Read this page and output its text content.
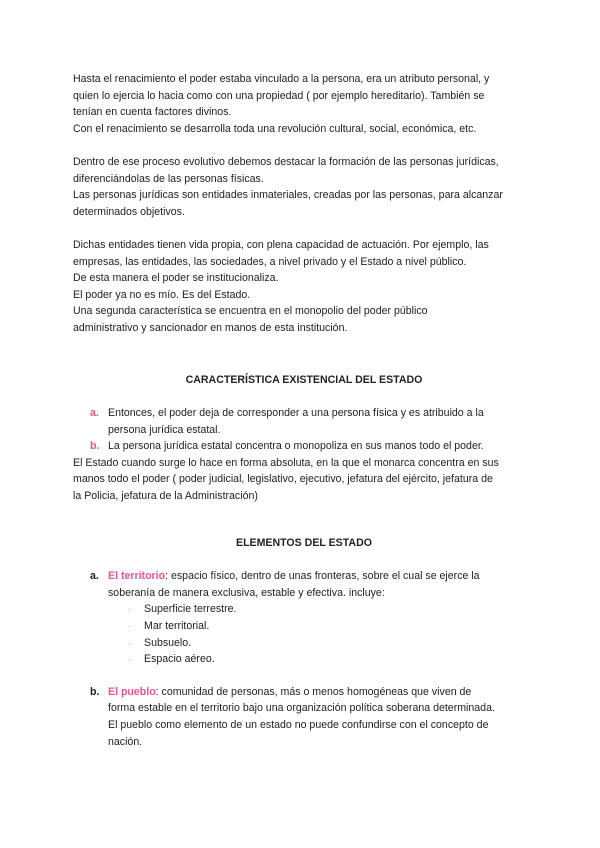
Hasta el renacimiento el poder estaba vinculado a la persona, era un atributo personal, y
quien lo ejercia lo hacia como con una propiedad ( por ejemplo hereditario). También se
tenían en cuenta factores divinos.
Con el renacimiento se desarrolla toda una revolución cultural, social, económica, etc.
Dentro de ese proceso evolutivo debemos destacar la formación de las personas jurídicas,
diferenciándolas de las personas físicas.
Las personas jurídicas son entidades inmateriales, creadas por las personas, para alcanzar
determinados objetivos.
Dichas entidades tienen vida propia, con plena capacidad de actuación. Por ejemplo, las
empresas, las entidades, las sociedades, a nivel privado y el Estado a nivel público.
De esta manera el poder se institucionaliza.
El poder ya no es mío. Es del Estado.
Una segunda característica se encuentra en el monopolio del poder público
administrativo y sancionador en manos de esta institución.
CARACTERÍSTICA EXISTENCIAL DEL ESTADO
a. Entonces, el poder deja de corresponder a una persona física y es atribuido a la
persona jurídica estatal.
b. La persona jurídica estatal concentra o monopoliza en sus manos todo el poder.
El Estado cuando surge lo hace en forma absoluta, en la que el monarca concentra en sus
manos todo el poder ( poder judicial, legislativo, ejecutivo, jefatura del ejército, jefatura de
la Policia, jefatura de la Administración)
ELEMENTOS DEL ESTADO
a. El territorio: espacio físico, dentro de unas fronteras, sobre el cual se ejerce la
soberanía de manera exclusiva, estable y efectiva. incluye:
· Superficie terrestre.
· Mar territorial.
· Subsuelo.
· Espacio aéreo.
b. El pueblo: comunidad de personas, más o menos homogéneas que viven de
forma estable en el territorio bajo una organización política soberana determinada.
El pueblo como elemento de un estado no puede confundirse con el concepto de
nación.
